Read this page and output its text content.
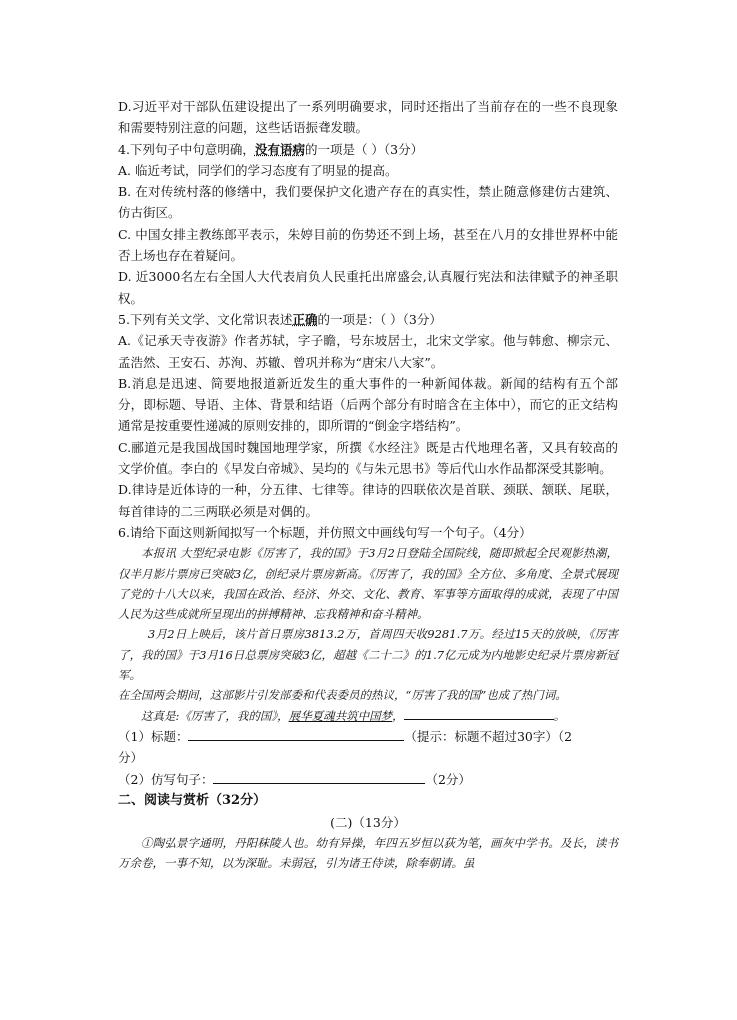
D.习近平对干部队伍建设提出了一系列明确要求，同时还指出了当前存在的一些不良现象和需要特别注意的问题，这些话语振聋发聩。
4.下列句子中句意明确，没有语病的一项是（ ）（3分）
A. 临近考试，同学们的学习态度有了明显的提高。
B. 在对传统村落的修缮中，我们要保护文化遗产存在的真实性，禁止随意修建仿古建筑、仿古街区。
C. 中国女排主教练郎平表示，朱婷目前的伤势还不到上场，甚至在八月的女排世界杯中能否上场也存在着疑问。
D. 近3000名左右全国人大代表肩负人民重托出席盛会,认真履行宪法和法律赋予的神圣职权。
5.下列有关文学、文化常识表述正确的一项是：（ ）（3分）
A.《记承天寺夜游》作者苏轼，字子瞻，号东坡居士，北宋文学家。他与韩愈、柳宗元、孟浩然、王安石、苏洵、苏辙、曾巩并称为“唐宋八大家”。
B.消息是迅速、简要地报道新近发生的重大事件的一种新闻体裁。新闻的结构有五个部分，即标题、导语、主体、背景和结语（后两个部分有时暗含在主体中），而它的正文结构通常是按重要性递减的原则安排的，即所谓的“倒金字塔结构”。
C.郦道元是我国战国时魏国地理学家，所撰《水经注》既是古代地理名著，又具有较高的文学价值。李白的《早发白帝城》、吴均的《与朱元思书》等后代山水作品都深受其影响。
D.律诗是近体诗的一种，分五律、七律等。律诗的四联依次是首联、颈联、颔联、尾联，每首律诗的二三两联必须是对偶的。
6.请给下面这则新闻拟写一个标题，并仿照文中画线句写一个句子。（4分）
本报讯 大型纪录电影《厉害了，我的国》于3月2日登陆全国院线，随即掀起全民观影热潮，仅半月影片票房已突破3亿，创纪录片票房新高。《厉害了，我的国》全方位、多角度、全景式展现了党的十八大以来，我国在政治、经济、外交、文化、教育、军事等方面取得的成就，表现了中国人民为这些成就所呈现出的拼搏精神、忘我精神和奋斗精神。
3月2日上映后，该片首日票房3813.2万，首周四天收9281.7万。经过15天的放映，《厉害了，我的国》于3月16日总票房突破3亿，超越《二十二》的1.7亿元成为内地影史纪录片票房新冠军。
在全国两会期间，这部影片引发部委和代表委员的热议，“厉害了我的国”也成了热门词。
这真是:《厉害了，我的国》，展华夏魂共筑中国梦，	。
（1）标题：	（提示：标题不超过30字）（2
分）
（2）仿写句子：	（2分）
二、阅读与赏析（32分）
(二)（13分）
①陶弘景字通明，丹阳秣陵人也。幼有异操，年四五岁恒以荻为笔，画灰中学书。及长，读书万余卷，一事不知，以为深耻。未弱冠，引为诸王侍读，除奉朝请。虽
